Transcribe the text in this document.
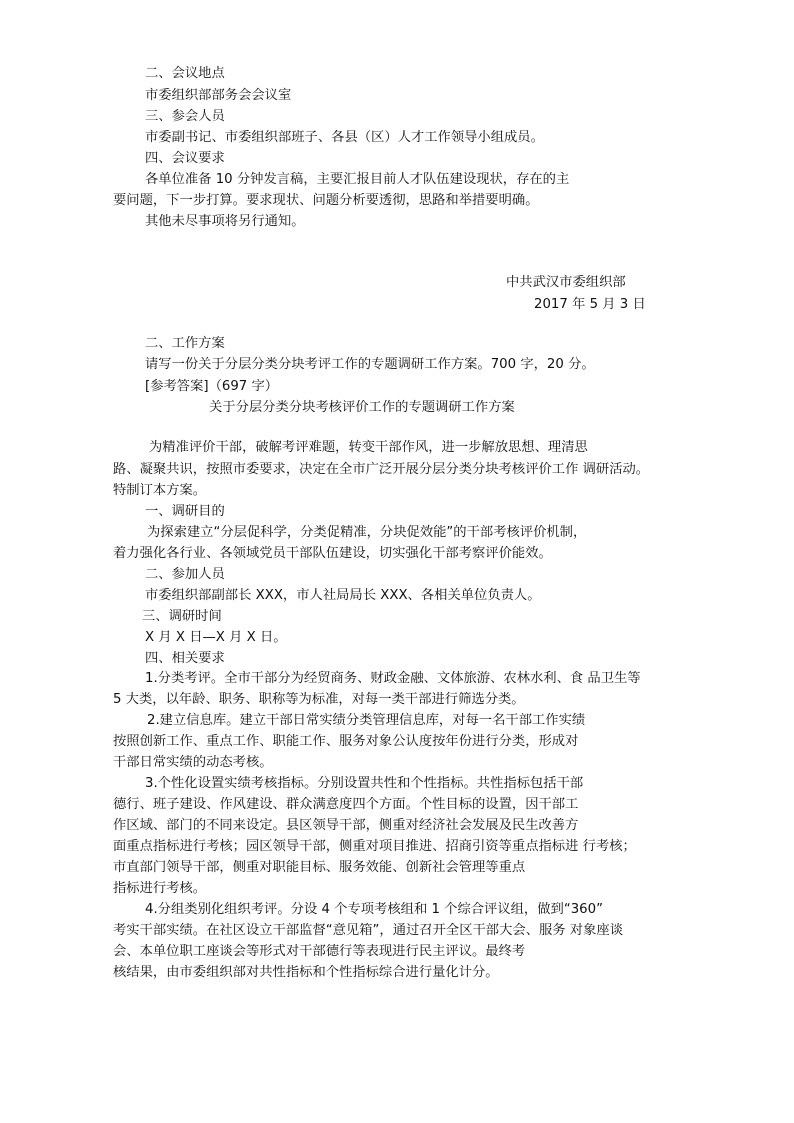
二、会议地点
市委组织部部务会会议室
三、参会人员
市委副书记、市委组织部班子、各县（区）人才工作领导小组成员。
四、会议要求
各单位准备 10 分钟发言稿，主要汇报目前人才队伍建设现状，存在的主
要问题，下一步打算。要求现状、问题分析要透彻，思路和举措要明确。
其他未尽事项将另行通知。
中共武汉市委组织部
2017 年 5 月 3 日
二、工作方案
请写一份关于分层分类分块考评工作的专题调研工作方案。700 字，20 分。
[参考答案]（697 字）
关于分层分类分块考核评价工作的专题调研工作方案
为精准评价干部，破解考评难题，转变干部作风，进一步解放思想、理清思
路、凝聚共识，按照市委要求，决定在全市广泛开展分层分类分块考核评价工作 调研活动。
特制订本方案。
一、调研目的
为探索建立“分层促科学，分类促精准，分块促效能”的干部考核评价机制，
着力强化各行业、各领域党员干部队伍建设，切实强化干部考察评价能效。
二、参加人员
市委组织部副部长 XXX，市人社局局长 XXX、各相关单位负责人。
三、调研时间
X 月 X 日—X 月 X 日。
四、相关要求
1.分类考评。全市干部分为经贸商务、财政金融、文体旅游、农林水利、食 品卫生等
5 大类，以年龄、职务、职称等为标准，对每一类干部进行筛选分类。
2.建立信息库。建立干部日常实绩分类管理信息库，对每一名干部工作实绩
按照创新工作、重点工作、职能工作、服务对象公认度按年份进行分类，形成对
干部日常实绩的动态考核。
3.个性化设置实绩考核指标。分别设置共性和个性指标。共性指标包括干部
德行、班子建设、作风建设、群众满意度四个方面。个性目标的设置，因干部工
作区域、部门的不同来设定。县区领导干部，侧重对经济社会发展及民生改善方
面重点指标进行考核；园区领导干部，侧重对项目推进、招商引资等重点指标进 行考核；
市直部门领导干部，侧重对职能目标、服务效能、创新社会管理等重点
指标进行考核。
4.分组类别化组织考评。分设 4 个专项考核组和 1 个综合评议组，做到“360”
考实干部实绩。在社区设立干部监督“意见箱”，通过召开全区干部大会、服务 对象座谈
会、本单位职工座谈会等形式对干部德行等表现进行民主评议。最终考
核结果，由市委组织部对共性指标和个性指标综合进行量化计分。
